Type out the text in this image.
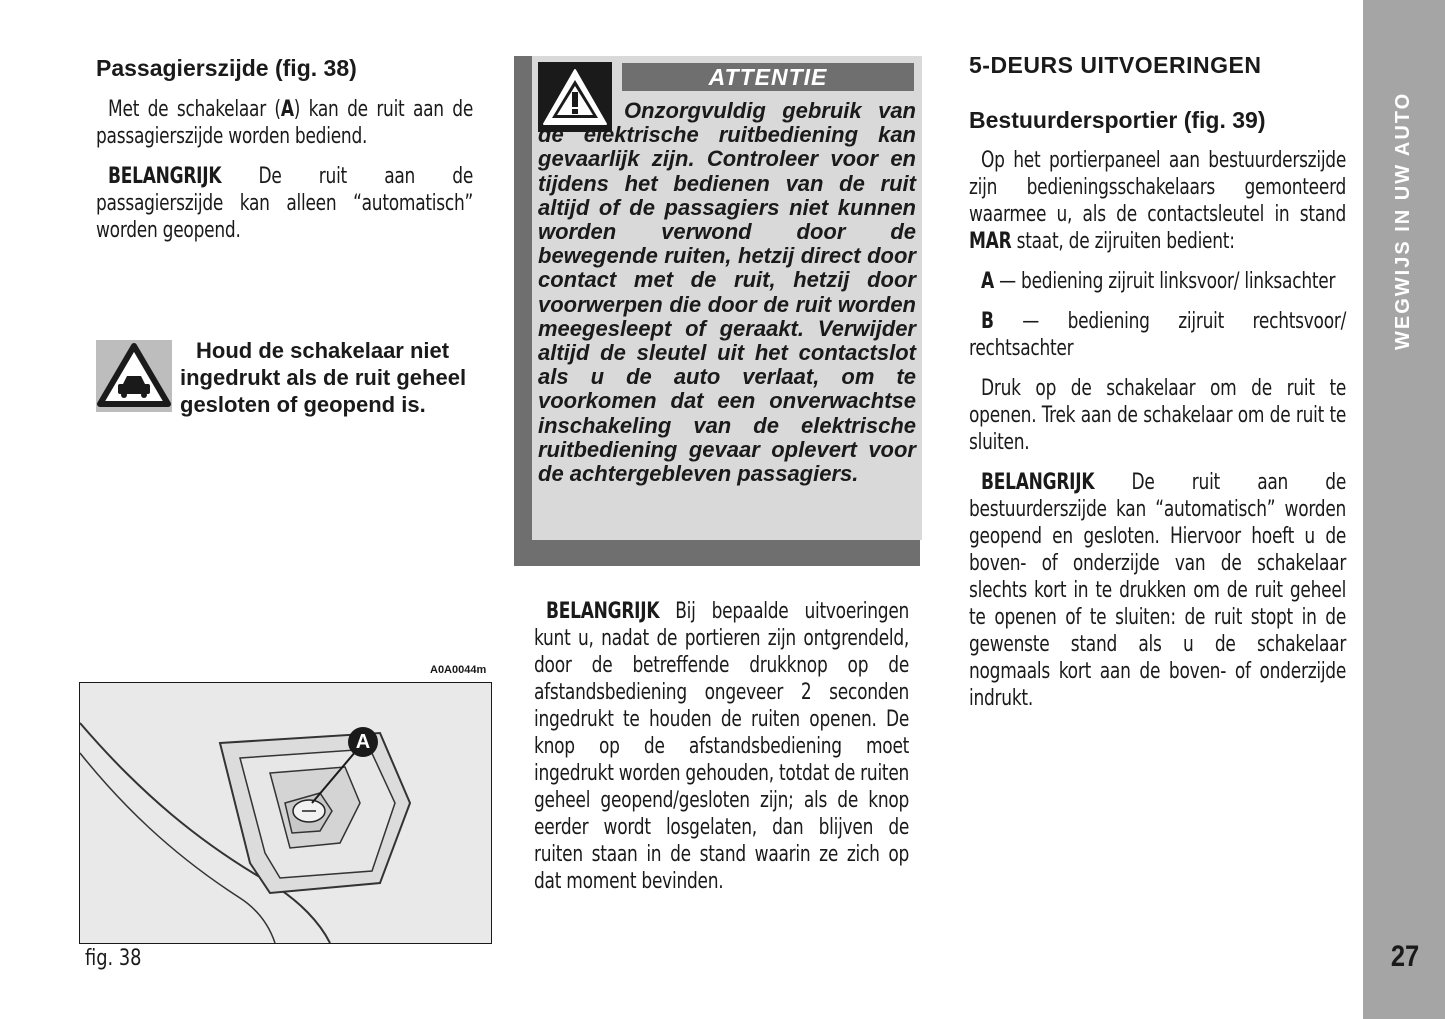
WEGWIJS IN UW AUTO
27

Passagierszijde (fig. 38)

Met de schakelaar (A) kan de ruit aan de passagierszijde worden bediend.

BELANGRIJK De ruit aan de passagierszijde kan alleen “automatisch” worden geopend.

Houd de schakelaar niet ingedrukt als de ruit geheel gesloten of geopend is.
A0A0044m
A
fig. 38
ATTENTIE
Onzorgvuldig gebruik van de elektrische ruitbediening kan gevaarlijk zijn. Controleer voor en tijdens het bedienen van de ruit altijd of de passagiers niet kunnen worden verwond door de bewegende ruiten, hetzij direct door contact met de ruit, hetzij door voorwerpen die door de ruit worden meegesleept of geraakt. Verwijder altijd de sleutel uit het contactslot als u de auto verlaat, om te voorkomen dat een onverwachtse inschakeling van de elektrische ruitbediening gevaar oplevert voor de achtergebleven passagiers.

BELANGRIJK Bij bepaalde uitvoeringen kunt u, nadat de portieren zijn ontgrendeld, door de betreffende drukknop op de afstandsbediening ongeveer 2 seconden ingedrukt te houden de ruiten openen. De knop op de afstandsbediening moet ingedrukt worden gehouden, totdat de ruiten geheel geopend/gesloten zijn; als de knop eerder wordt losgelaten, dan blijven de ruiten staan in de stand waarin ze zich op dat moment bevinden.

5-DEURS UITVOERINGEN

Bestuurdersportier (fig. 39)

Op het portierpaneel aan bestuurderszijde zijn bedieningsschakelaars gemonteerd waarmee u, als de contactsleutel in stand MAR staat, de zijruiten bedient:

A — bediening zijruit linksvoor/ linksachter

B — bediening zijruit rechtsvoor/ rechtsachter

Druk op de schakelaar om de ruit te openen. Trek aan de schakelaar om de ruit te sluiten.

BELANGRIJK De ruit aan de bestuurderszijde kan “automatisch” worden geopend en gesloten. Hiervoor hoeft u de boven- of onderzijde van de schakelaar slechts kort in te drukken om de ruit geheel te openen of te sluiten: de ruit stopt in de gewenste stand als u de schakelaar nogmaals kort aan de boven- of onderzijde indrukt.
